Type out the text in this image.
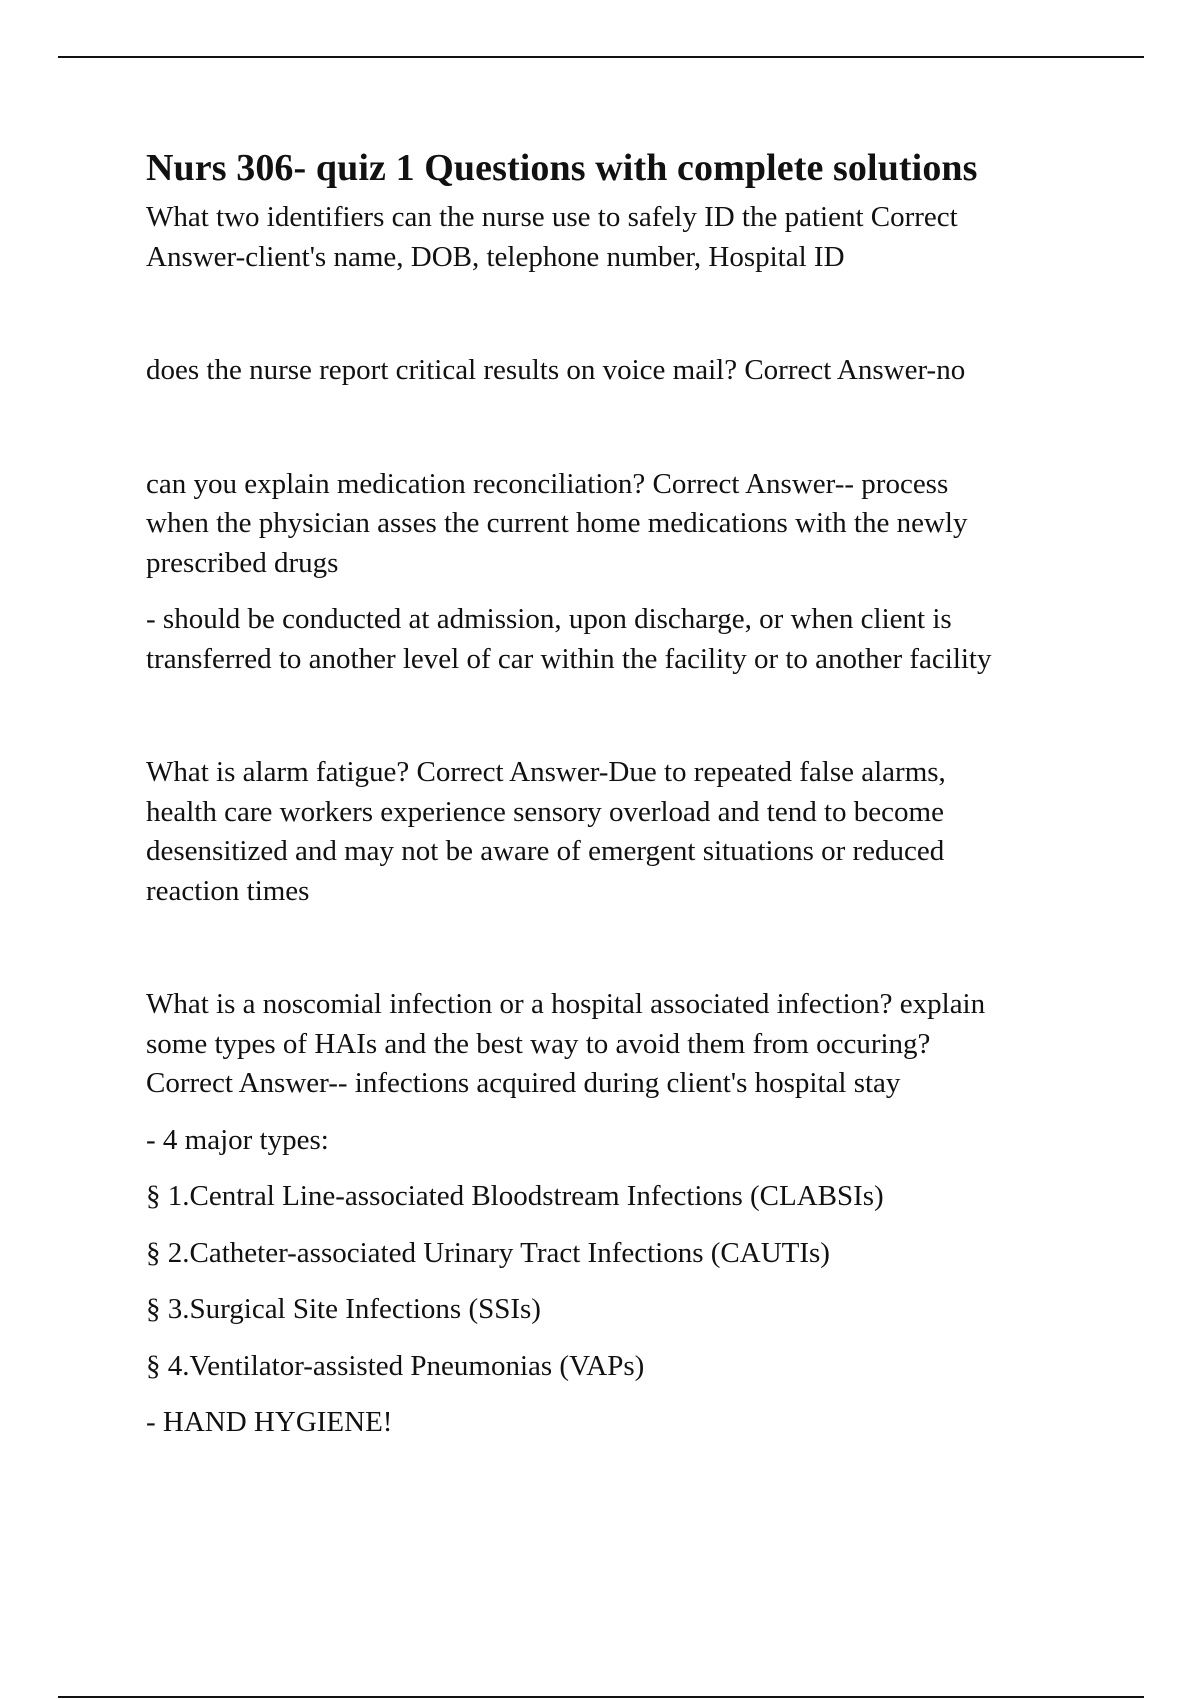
Nurs 306- quiz 1 Questions with complete solutions

What two identifiers can the nurse use to safely ID the patient Correct

Answer-client's name, DOB, telephone number, Hospital ID

does the nurse report critical results on voice mail? Correct Answer-no

can you explain medication reconciliation? Correct Answer-- process

when the physician asses the current home medications with the newly

prescribed drugs

- should be conducted at admission, upon discharge, or when client is

transferred to another level of car within the facility or to another facility

What is alarm fatigue? Correct Answer-Due to repeated false alarms,

health care workers experience sensory overload and tend to become

desensitized and may not be aware of emergent situations or reduced

reaction times

What is a noscomial infection or a hospital associated infection? explain

some types of HAIs and the best way to avoid them from occuring?

Correct Answer-- infections acquired during client's hospital stay

- 4 major types:

§ 1.Central Line-associated Bloodstream Infections (CLABSIs)

§ 2.Catheter-associated Urinary Tract Infections (CAUTIs)

§ 3.Surgical Site Infections (SSIs)

§ 4.Ventilator-assisted Pneumonias (VAPs)

- HAND HYGIENE!
